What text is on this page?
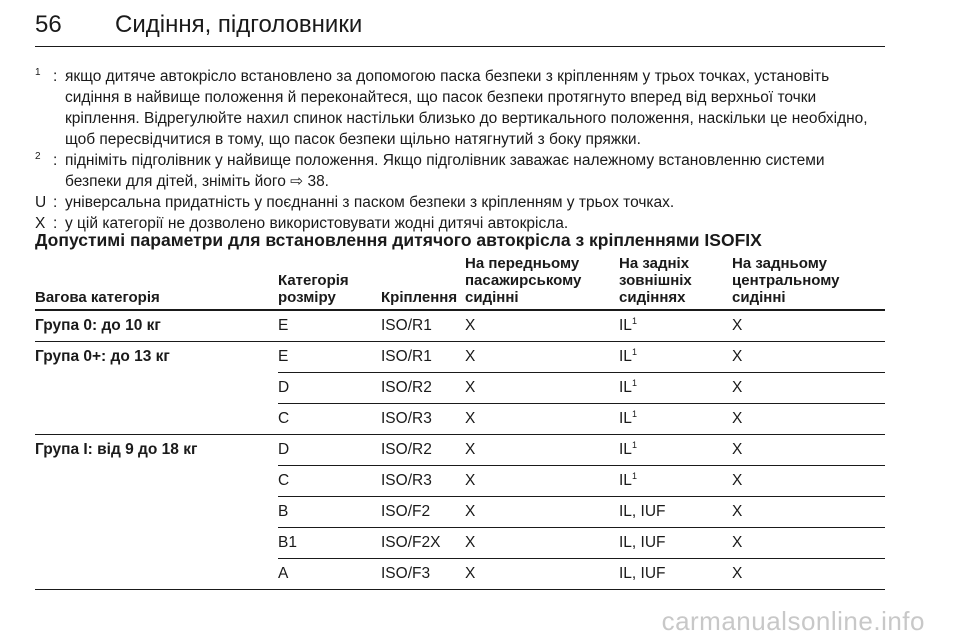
56 Сидіння, підголовники
1 : якщо дитяче автокрісло встановлено за допомогою паска безпеки з кріпленням у трьох точках, установіть сидіння в найвище положення й переконайтеся, що пасок безпеки протягнуто вперед від верхньої точки кріплення. Відрегулюйте нахил спинок настільки близько до вертикального положення, наскільки це необхідно, щоб пересвідчитися в тому, що пасок безпеки щільно натягнутий з боку пряжки.
2 : підніміть підголівник у найвище положення. Якщо підголівник заважає належному встановленню системи безпеки для дітей, зніміть його ⇨ 38.
U : універсальна придатність у поєднанні з паском безпеки з кріпленням у трьох точках.
X : у цій категорії не дозволено використовувати жодні дитячі автокрісла.
Допустимі параметри для встановлення дитячого автокрісла з кріпленнями ISOFIX
Вагова категорія	Категорія розміру	Кріплення	На передньому пасажирському сидінні	На задніх зовнішніх сидіннях	На задньому центральному сидінні
Група 0: до 10 кг	E	ISO/R1	X	$IL^1$	X
Група 0+: до 13 кг	E	ISO/R1	X	$IL^1$	X
	D	ISO/R2	X	$IL^1$	X
	C	ISO/R3	X	$IL^1$	X
Група I: від 9 до 18 кг	D	ISO/R2	X	$IL^1$	X
	C	ISO/R3	X	$IL^1$	X
	B	ISO/F2	X	IL, IUF	X
	B1	ISO/F2X	X	IL, IUF	X
	A	ISO/F3	X	IL, IUF	X
carmanualsonline.info
